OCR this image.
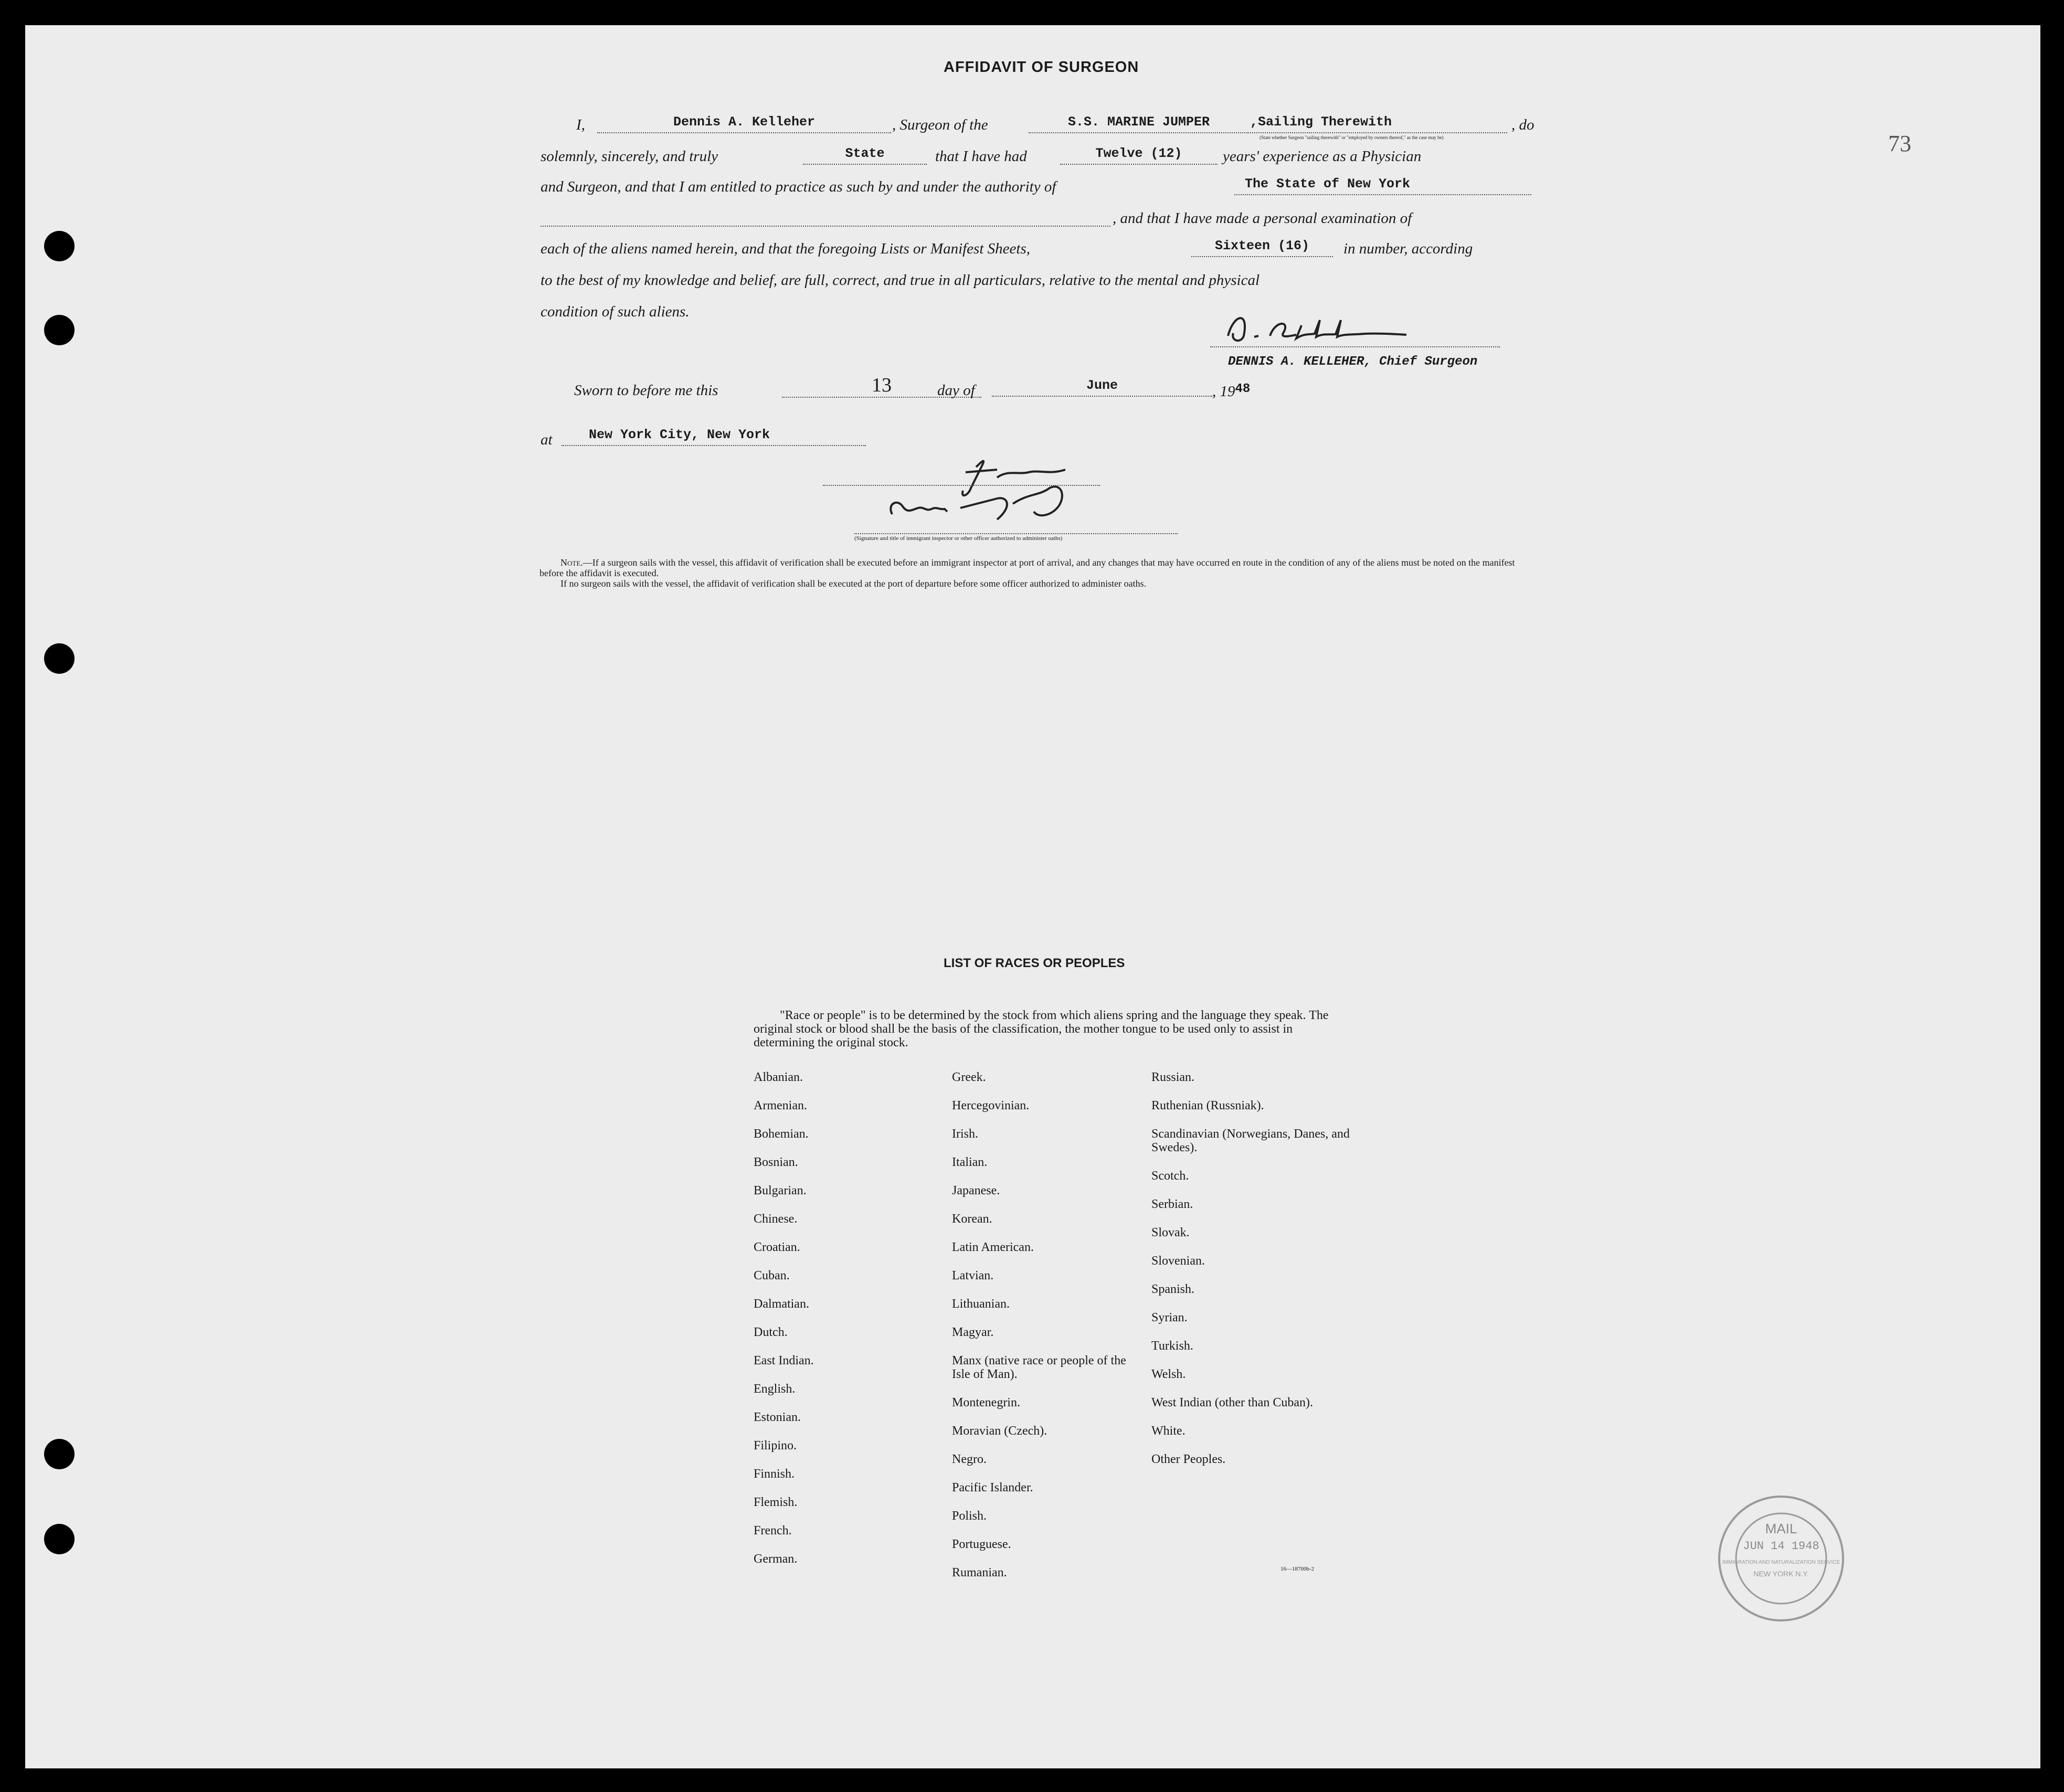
73
AFFIDAVIT OF SURGEON
I,	Dennis A. Kelleher	, Surgeon of the	S.S. MARINE JUMPER	,Sailing Therewith
(State whether Surgeon "sailing therewith" or "employed by owners thereof," as the case may be)
, do
solemnly, sincerely, and truly	State	that I have had	Twelve (12)	years' experience as a Physician
and Surgeon, and that I am entitled to practice as such by and under the authority of	The State of New York
, and that I have made a personal examination of
each of the aliens named herein, and that the foregoing Lists or Manifest Sheets,	Sixteen (16)	in number, according
to the best of my knowledge and belief, are full, correct, and true in all particulars, relative to the mental and physical
condition of such aliens.
DENNIS A. KELLEHER, Chief Surgeon
Sworn to before me this	13	day of	June	, $19^{48}$
at	New York City, New York
(Signature and title of immigrant inspector or other officer authorized to administer oaths)
Note.—If a surgeon sails with the vessel, this affidavit of verification shall be executed before an immigrant inspector at port of arrival, and any changes that may have occurred en route in the condition of any of the aliens must be noted on the manifest before the affidavit is executed.
If no surgeon sails with the vessel, the affidavit of verification shall be executed at the port of departure before some officer authorized to administer oaths.
LIST OF RACES OR PEOPLES
"Race or people" is to be determined by the stock from which aliens spring and the language they speak. The original stock or blood shall be the basis of the classification, the mother tongue to be used only to assist in determining the original stock.
Albanian.
Armenian.
Bohemian.
Bosnian.
Bulgarian.
Chinese.
Croatian.
Cuban.
Dalmatian.
Dutch.
East Indian.
English.
Estonian.
Filipino.
Finnish.
Flemish.
French.
German.
Greek.
Hercegovinian.
Irish.
Italian.
Japanese.
Korean.
Latin American.
Latvian.
Lithuanian.
Magyar.
Manx (native race or people of the Isle of Man).
Montenegrin.
Moravian (Czech).
Negro.
Pacific Islander.
Polish.
Portuguese.
Rumanian.
Russian.
Ruthenian (Russniak).
Scandinavian (Norwegians, Danes, and Swedes).
Scotch.
Serbian.
Slovak.
Slovenian.
Spanish.
Syrian.
Turkish.
Welsh.
West Indian (other than Cuban).
White.
Other Peoples.
16—18700b-2
MAIL
JUN 14 1948
IMMIGRATION AND NATURALIZATION SERVICE
NEW YORK N.Y.
